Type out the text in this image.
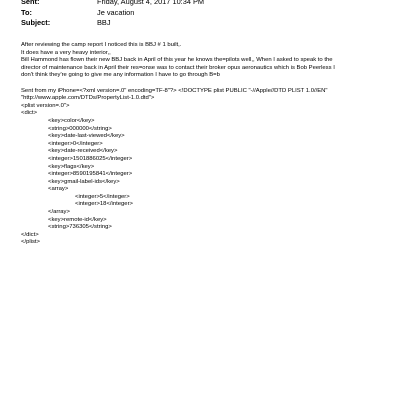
Sent:	Friday, August 4, 2017 10:34 PM
To:	Je vacation
Subject:	BBJ
After reviewing the camp report I noticed this is BBJ # 1 built,.
It does have a very heavy interior,,
Bill Hammond has flown their new BBJ back in April of this year he knows the=pilots well,, When I asked to speak to the
director of maintenance back in April their res=onse was to contact their broker opus aeronautics which is Bob Peerless I
don't think they're going to give me any information I have to go through B=b
Sent from my iPhone=<?xml version=.0" encoding=TF-8"?> <!DOCTYPE plist PUBLIC "-//Apple//DTD PLIST 1.0//EN"
"http://www.apple.com/DTDs/PropertyList-1.0.dtd">
<plist version=.0">
<dict>
<key>color</key>
<string>000000</string>
<key>date-last-viewed</key>
<integer>0</integer>
<key>date-received</key>
<integer>1501886025</integer>
<key>flags</key>
<integer>8590195841</integer>
<key>gmail-label-ids</key>
<array>
<integer>5</integer>
<integer>18</integer>
</array>
<key>remote-id</key>
<string>736305</string>
</dict>
</plist>
